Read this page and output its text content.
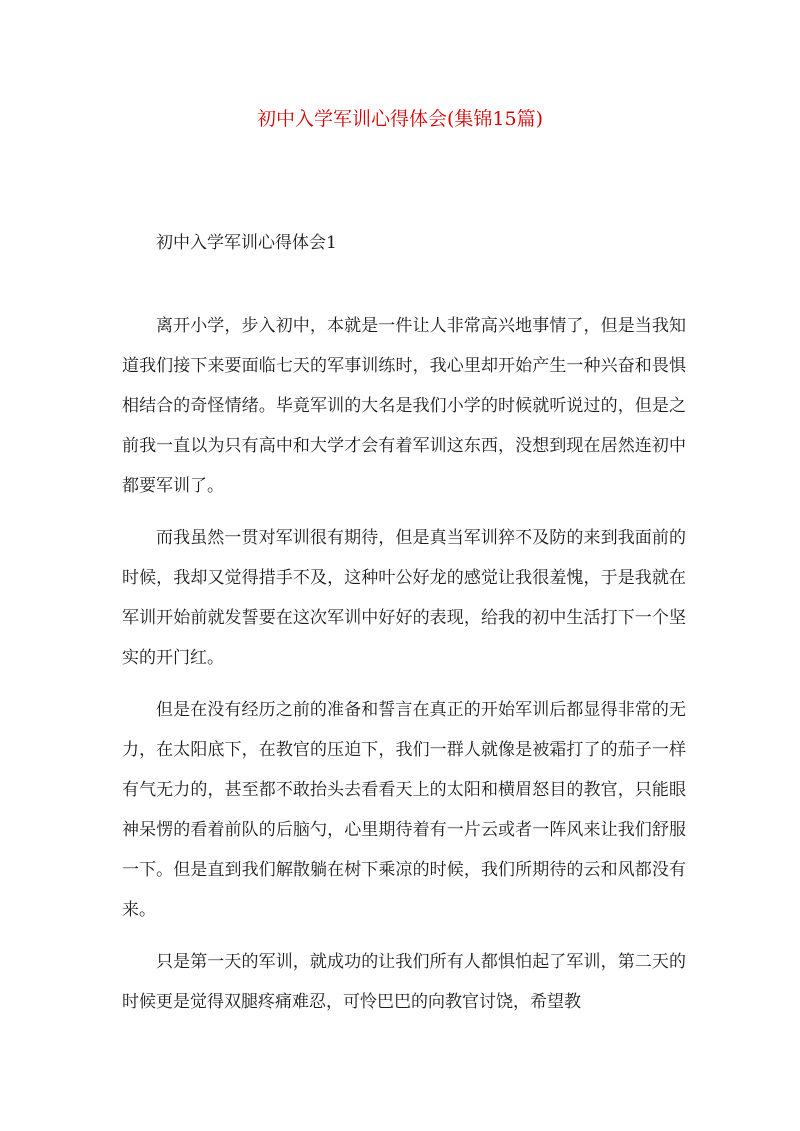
初中入学军训心得体会(集锦15篇)
初中入学军训心得体会1

离开小学，步入初中，本就是一件让人非常高兴地事情了，但是当我知道我们接下来要面临七天的军事训练时，我心里却开始产生一种兴奋和畏惧相结合的奇怪情绪。毕竟军训的大名是我们小学的时候就听说过的，但是之前我一直以为只有高中和大学才会有着军训这东西，没想到现在居然连初中都要军训了。

而我虽然一贯对军训很有期待，但是真当军训猝不及防的来到我面前的时候，我却又觉得措手不及，这种叶公好龙的感觉让我很羞愧，于是我就在军训开始前就发誓要在这次军训中好好的表现，给我的初中生活打下一个坚实的开门红。

但是在没有经历之前的准备和誓言在真正的开始军训后都显得非常的无力，在太阳底下，在教官的压迫下，我们一群人就像是被霜打了的茄子一样有气无力的，甚至都不敢抬头去看看天上的太阳和横眉怒目的教官，只能眼神呆愣的看着前队的后脑勺，心里期待着有一片云或者一阵风来让我们舒服一下。但是直到我们解散躺在树下乘凉的时候，我们所期待的云和风都没有来。

只是第一天的军训，就成功的让我们所有人都惧怕起了军训，第二天的时候更是觉得双腿疼痛难忍，可怜巴巴的向教官讨饶，希望教
